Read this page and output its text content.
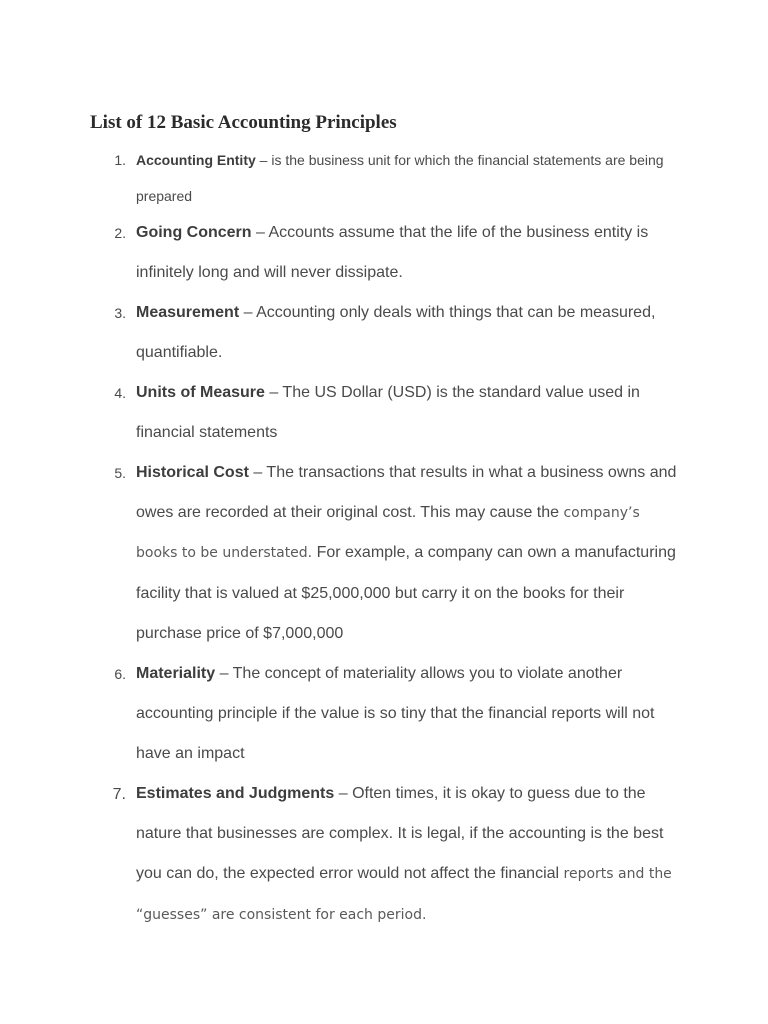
List of 12 Basic Accounting Principles
1. Accounting Entity – is the business unit for which the financial statements are being prepared
2. Going Concern – Accounts assume that the life of the business entity is infinitely long and will never dissipate.
3. Measurement – Accounting only deals with things that can be measured, quantifiable.
4. Units of Measure – The US Dollar (USD) is the standard value used in financial statements
5. Historical Cost – The transactions that results in what a business owns and owes are recorded at their original cost. This may cause the company’s books to be understated. For example, a company can own a manufacturing facility that is valued at $25,000,000 but carry it on the books for their purchase price of $7,000,000
6. Materiality – The concept of materiality allows you to violate another accounting principle if the value is so tiny that the financial reports will not have an impact
7. Estimates and Judgments – Often times, it is okay to guess due to the nature that businesses are complex. It is legal, if the accounting is the best you can do, the expected error would not affect the financial reports and the “guesses” are consistent for each period.
